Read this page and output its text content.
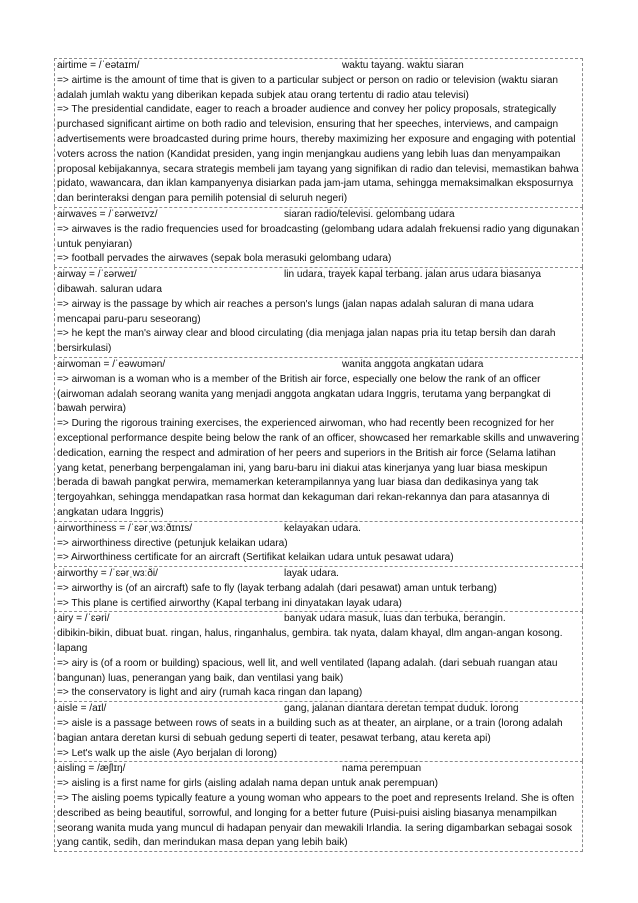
airtime = /ˈeətaɪm/	waktu tayang. waktu siaran
=> airtime is the amount of time that is given to a particular subject or person on radio or television (waktu siaran adalah jumlah waktu yang diberikan kepada subjek atau orang tertentu di radio atau televisi)
=> The presidential candidate, eager to reach a broader audience and convey her policy proposals, strategically purchased significant airtime on both radio and television, ensuring that her speeches, interviews, and campaign advertisements were broadcasted during prime hours, thereby maximizing her exposure and engaging with potential voters across the nation (Kandidat presiden, yang ingin menjangkau audiens yang lebih luas dan menyampaikan proposal kebijakannya, secara strategis membeli jam tayang yang signifikan di radio dan televisi, memastikan bahwa pidato, wawancara, dan iklan kampanyenya disiarkan pada jam-jam utama, sehingga memaksimalkan eksposurnya dan berinteraksi dengan para pemilih potensial di seluruh negeri)
airwaves = /ˈɛərweɪvz/	siaran radio/televisi. gelombang udara
=> airwaves is the radio frequencies used for broadcasting (gelombang udara adalah frekuensi radio yang digunakan untuk penyiaran)
=> football pervades the airwaves (sepak bola merasuki gelombang udara)
airway = /ˈɛərweɪ/	lin udara, trayek kapal terbang. jalan arus udara biasanya
dibawah. saluran udara
=> airway is the passage by which air reaches a person's lungs (jalan napas adalah saluran di mana udara mencapai paru-paru seseorang)
=> he kept the man's airway clear and blood circulating (dia menjaga jalan napas pria itu tetap bersih dan darah bersirkulasi)
airwoman = /ˈeəwʊmən/	wanita anggota angkatan udara
=> airwoman is a woman who is a member of the British air force, especially one below the rank of an officer (airwoman adalah seorang wanita yang menjadi anggota angkatan udara Inggris, terutama yang berpangkat di bawah perwira)
=> During the rigorous training exercises, the experienced airwoman, who had recently been recognized for her exceptional performance despite being below the rank of an officer, showcased her remarkable skills and unwavering dedication, earning the respect and admiration of her peers and superiors in the British air force (Selama latihan yang ketat, penerbang berpengalaman ini, yang baru-baru ini diakui atas kinerjanya yang luar biasa meskipun berada di bawah pangkat perwira, memamerkan keterampilannya yang luar biasa dan dedikasinya yang tak tergoyahkan, sehingga mendapatkan rasa hormat dan kekaguman dari rekan-rekannya dan para atasannya di angkatan udara Inggris)
airworthiness = /ˈɛərˌwɜːðɪnɪs/	kelayakan udara.
=> airworthiness directive (petunjuk kelaikan udara)
=> Airworthiness certificate for an aircraft (Sertifikat kelaikan udara untuk pesawat udara)
airworthy = /ˈɛərˌwɜːði/	layak udara.
=> airworthy is (of an aircraft) safe to fly (layak terbang adalah (dari pesawat) aman untuk terbang)
=> This plane is certified airworthy (Kapal terbang ini dinyatakan layak udara)
airy = /ˈɛəri/	banyak udara masuk, luas dan terbuka, berangin.
dibikin-bikin, dibuat buat. ringan, halus, ringanhalus, gembira. tak nyata, dalam khayal, dlm angan-angan kosong. lapang
=> airy is (of a room or building) spacious, well lit, and well ventilated (lapang adalah. (dari sebuah ruangan atau bangunan) luas, penerangan yang baik, dan ventilasi yang baik)
=> the conservatory is light and airy (rumah kaca ringan dan lapang)
aisle = /aɪl/	gang, jalanan diantara deretan tempat duduk. lorong
=> aisle is a passage between rows of seats in a building such as at theater, an airplane, or a train (lorong adalah bagian antara deretan kursi di sebuah gedung seperti di teater, pesawat terbang, atau kereta api)
=> Let's walk up the aisle (Ayo berjalan di lorong)
aisling = /æʃlɪŋ/	nama perempuan
=> aisling is a first name for girls (aisling adalah nama depan untuk anak perempuan)
=> The aisling poems typically feature a young woman who appears to the poet and represents Ireland. She is often described as being beautiful, sorrowful, and longing for a better future (Puisi-puisi aisling biasanya menampilkan seorang wanita muda yang muncul di hadapan penyair dan mewakili Irlandia. Ia sering digambarkan sebagai sosok yang cantik, sedih, dan merindukan masa depan yang lebih baik)
